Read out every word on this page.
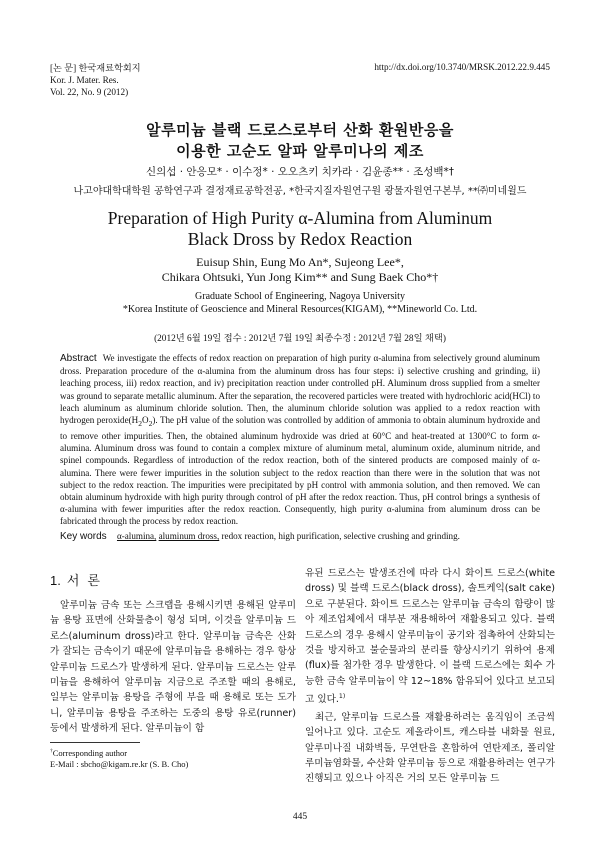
[논 문] 한국재료학회지
Kor. J. Mater. Res.
Vol. 22, No. 9 (2012)
http://dx.doi.org/10.3740/MRSK.2012.22.9.445
알루미늄 블랙 드로스로부터 산화 환원반응을
이용한 고순도 알파 알루미나의 제조
신의섭 · 안응모* · 이수정* · 오오츠키 치카라 · 김윤종** · 조성백*†
나고야대학대학원 공학연구과 결정재료공학전공, *한국지질자원연구원 광물자원연구본부, **㈜미네윌드
Preparation of High Purity α-Alumina from Aluminum
Black Dross by Redox Reaction
Euisup Shin, Eung Mo An*, Sujeong Lee*,
Chikara Ohtsuki, Yun Jong Kim** and Sung Baek Cho*†
Graduate School of Engineering, Nagoya University
*Korea Institute of Geoscience and Mineral Resources(KIGAM), **Mineworld Co. Ltd.
(2012년 6월 19일 접수 : 2012년 7월 19일 최종수정 : 2012년 7월 28일 채택)
Abstract We investigate the effects of redox reaction on preparation of high purity α-alumina from selectively ground aluminum dross. Preparation procedure of the α-alumina from the aluminum dross has four steps: i) selective crushing and grinding, ii) leaching process, iii) redox reaction, and iv) precipitation reaction under controlled pH. Aluminum dross supplied from a smelter was ground to separate metallic aluminum. After the separation, the recovered particles were treated with hydrochloric acid(HCl) to leach aluminum as aluminum chloride solution. Then, the aluminum chloride solution was applied to a redox reaction with hydrogen $peroxide(H_2O_2)$. The pH value of the solution was controlled by addition of ammonia to obtain aluminum hydroxide and to remove other impurities. Then, the obtained aluminum hydroxide was dried at 60°C and heat-treated at 1300°C to form α-alumina. Aluminum dross was found to contain a complex mixture of aluminum metal, aluminum oxide, aluminum nitride, and spinel compounds. Regardless of introduction of the redox reaction, both of the sintered products are composed mainly of α-alumina. There were fewer impurities in the solution subject to the redox reaction than there were in the solution that was not subject to the redox reaction. The impurities were precipitated by pH control with ammonia solution, and then removed. We can obtain aluminum hydroxide with high purity through control of pH after the redox reaction. Thus, pH control brings a synthesis of α-alumina with fewer impurities after the redox reaction. Consequently, high purity α-alumina from aluminum dross can be fabricated through the process by redox reaction.
Key words α-alumina, aluminum dross, redox reaction, high purification, selective crushing and grinding.
1. 서론

알루미늄 금속 또는 스크랩을 용해시키면 용해된 알루미늄 용탕 표면에 산화물층이 형성 되며, 이것을 알루미늄 드로스(aluminum dross)라고 한다. 알루미늄 금속은 산화가 잘되는 금속이기 때문에 알루미늄을 용해하는 경우 항상 알루미늄 드로스가 발생하게 된다. 알루미늄 드로스는 알루미늄을 용해하여 알루미늄 지금으로 주조할 때의 용해로, 일부는 알루미늄 용탕을 주형에 부을 때 용해로 또는 도가니, 알루미늄 용탕을 주조하는 도중의 용탕 유로(runner)등에서 발생하게 된다. 알루미늄이 함

유된 드로스는 발생조건에 따라 다시 화이트 드로스(white dross) 및 블랙 드로스(black dross), 솔트케익(salt cake)으로 구분된다. 화이트 드로스는 알루미늄 금속의 함량이 많아 제조업체에서 대부분 재용해하여 재활용되고 있다. 블랙 드로스의 경우 용해시 알루미늄이 공기와 접촉하여 산화되는 것을 방지하고 불순물과의 분리를 향상시키기 위하여 용제(flux)를 첨가한 경우 발생한다. 이 블랙 드로스에는 회수 가능한 금속 알루미늄이 약 12~18% 함유되어 있다고 보고되고 있다.$^{1)}$

최근, 알루미늄 드로스를 재활용하려는 움직임이 조금씩 일어나고 있다. 고순도 제올라이트, 캐스타블 내화물 원료, 알루미나질 내화벽돌, 무연탄을 혼합하여 연탄제조, 폴리알루미늄염화물, 수산화 알루미늄 등으로 재활용하려는 연구가 진행되고 있으나 아직은 거의 모든 알루미늄 드

†Corresponding author
E-Mail : sbcho@kigam.re.kr (S. B. Cho)
445
